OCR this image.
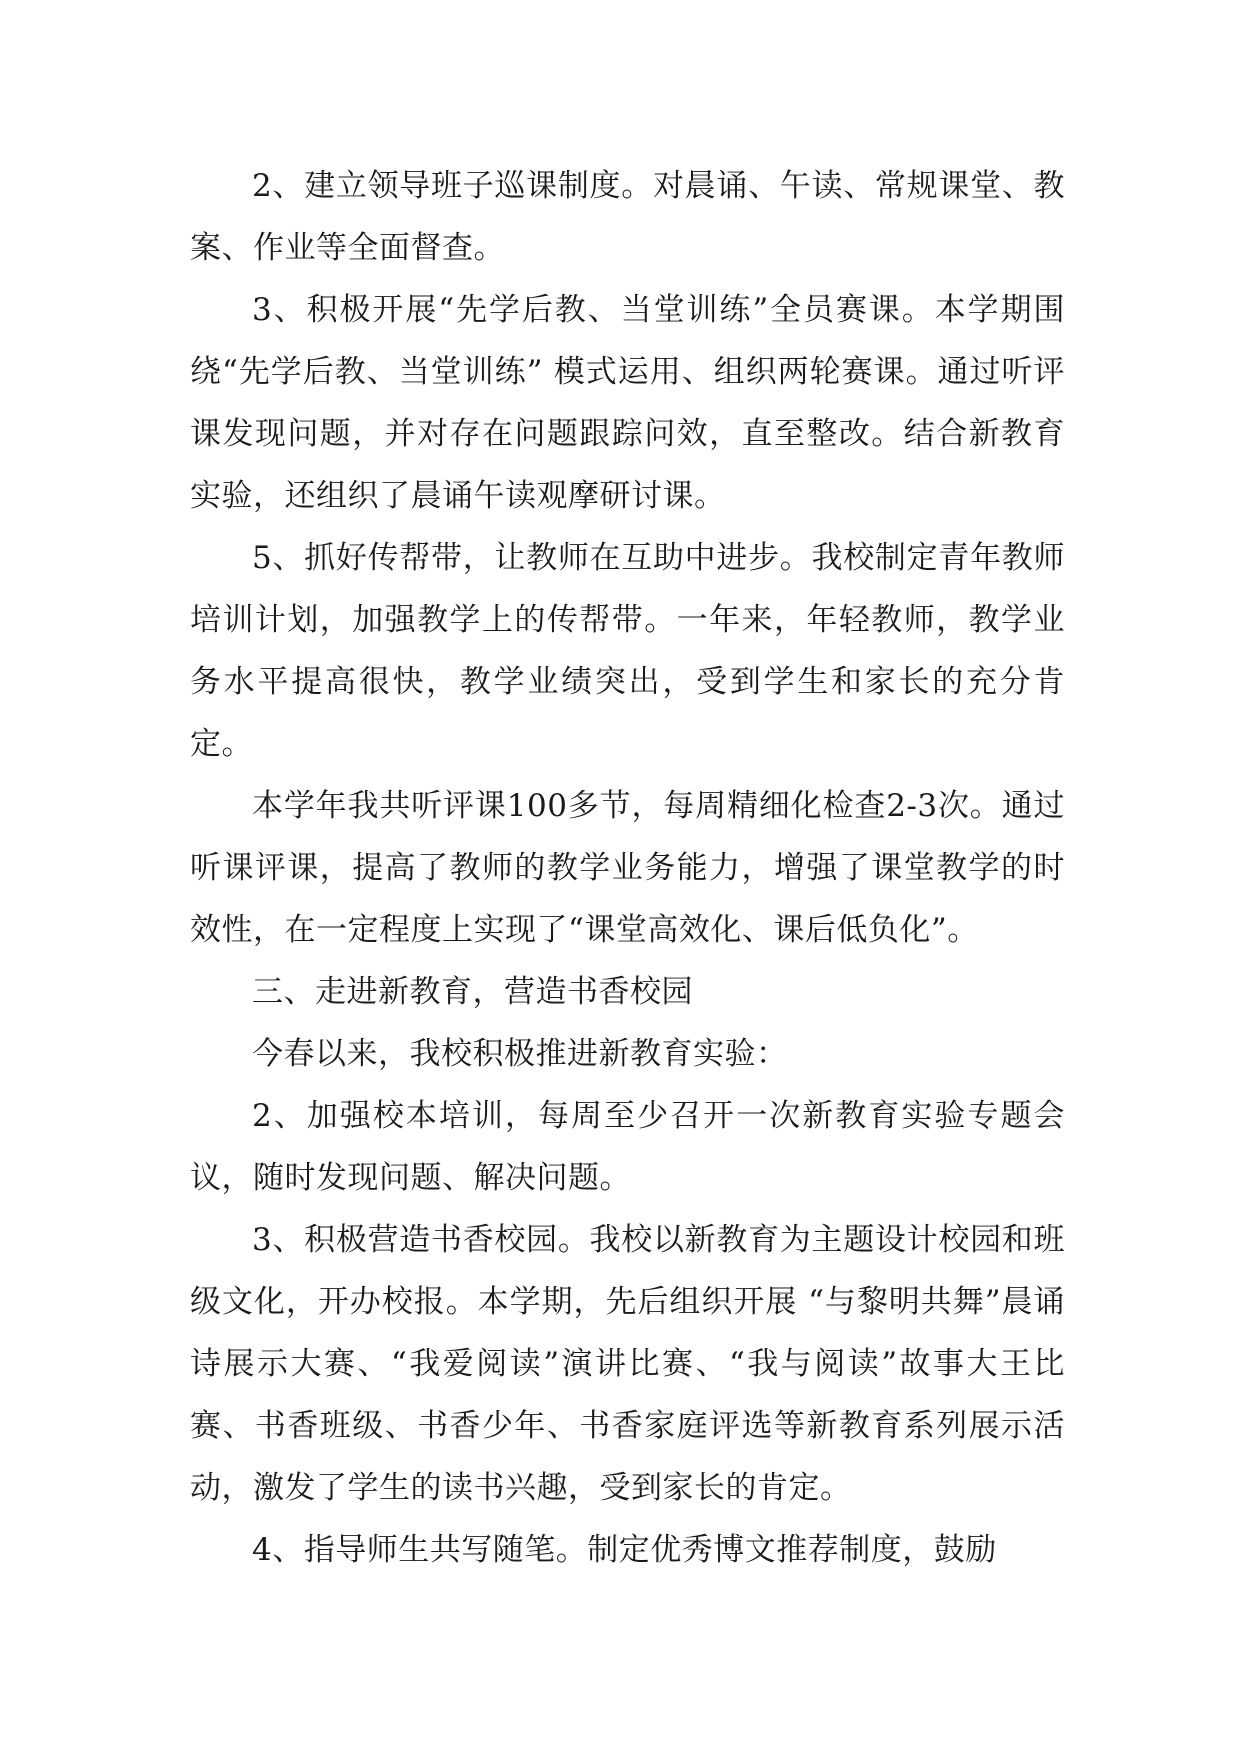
2、建立领导班子巡课制度。对晨诵、午读、常规课堂、教案、作业等全面督查。

3、积极开展“先学后教、当堂训练”全员赛课。本学期围绕“先学后教、当堂训练” 模式运用、组织两轮赛课。通过听评课发现问题，并对存在问题跟踪问效，直至整改。结合新教育实验，还组织了晨诵午读观摩研讨课。

5、抓好传帮带，让教师在互助中进步。我校制定青年教师培训计划，加强教学上的传帮带。一年来，年轻教师，教学业务水平提高很快，教学业绩突出，受到学生和家长的充分肯定。

本学年我共听评课100多节，每周精细化检查2-3次。通过听课评课，提高了教师的教学业务能力，增强了课堂教学的时效性，在一定程度上实现了“课堂高效化、课后低负化”。

三、走进新教育，营造书香校园

今春以来，我校积极推进新教育实验：

2、加强校本培训，每周至少召开一次新教育实验专题会议，随时发现问题、解决问题。

3、积极营造书香校园。我校以新教育为主题设计校园和班级文化，开办校报。本学期，先后组织开展 “与黎明共舞”晨诵诗展示大赛、“我爱阅读”演讲比赛、“我与阅读”故事大王比赛、书香班级、书香少年、书香家庭评选等新教育系列展示活动，激发了学生的读书兴趣，受到家长的肯定。

4、指导师生共写随笔。制定优秀博文推荐制度，鼓励
